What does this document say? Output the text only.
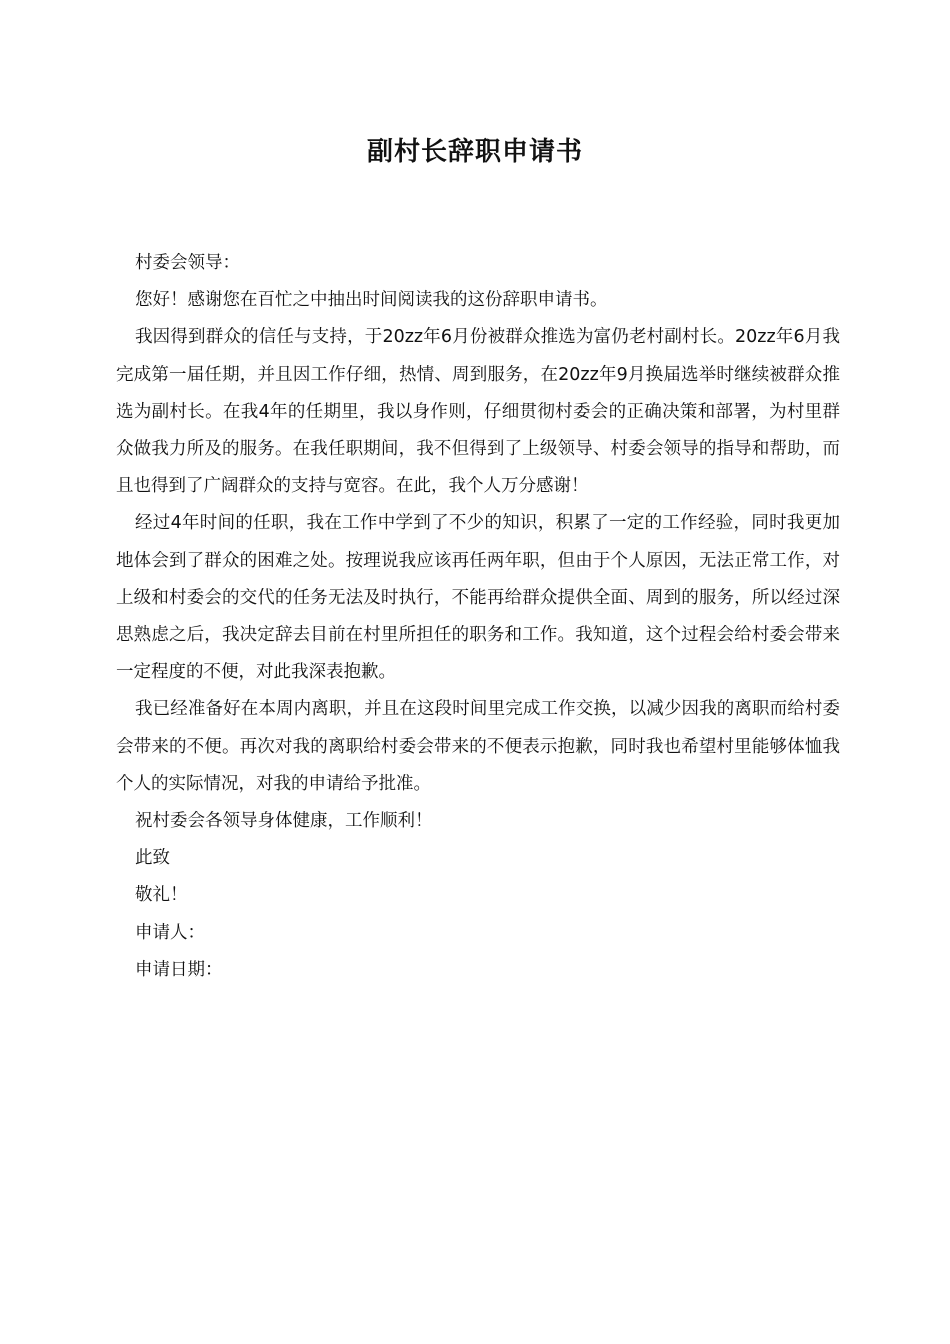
副村长辞职申请书

村委会领导：

您好！感谢您在百忙之中抽出时间阅读我的这份辞职申请书。

我因得到群众的信任与支持，于20zz年6月份被群众推选为富仍老村副村长。20zz年6月我完成第一届任期，并且因工作仔细，热情、周到服务，在20zz年9月换届选举时继续被群众推选为副村长。在我4年的任期里，我以身作则，仔细贯彻村委会的正确决策和部署，为村里群众做我力所及的服务。在我任职期间，我不但得到了上级领导、村委会领导的指导和帮助，而且也得到了广阔群众的支持与宽容。在此，我个人万分感谢！

经过4年时间的任职，我在工作中学到了不少的知识，积累了一定的工作经验，同时我更加地体会到了群众的困难之处。按理说我应该再任两年职，但由于个人原因，无法正常工作，对上级和村委会的交代的任务无法及时执行，不能再给群众提供全面、周到的服务，所以经过深思熟虑之后，我决定辞去目前在村里所担任的职务和工作。我知道，这个过程会给村委会带来一定程度的不便，对此我深表抱歉。

我已经准备好在本周内离职，并且在这段时间里完成工作交换，以减少因我的离职而给村委会带来的不便。再次对我的离职给村委会带来的不便表示抱歉，同时我也希望村里能够体恤我个人的实际情况，对我的申请给予批准。

祝村委会各领导身体健康，工作顺利！

此致

敬礼！

申请人：

申请日期：
